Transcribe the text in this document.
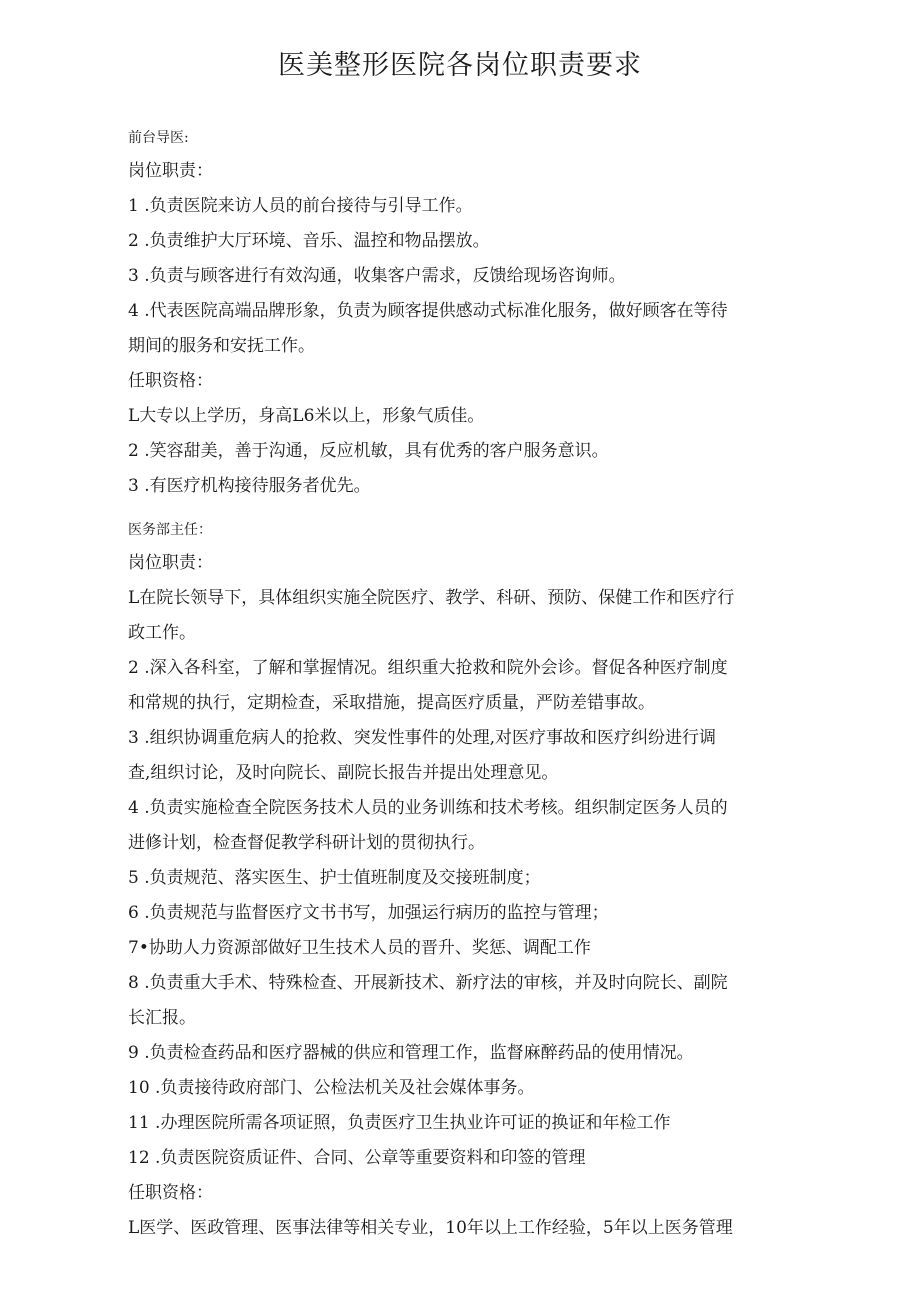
医美整形医院各岗位职责要求

前台导医:

岗位职责：

1 .负责医院来访人员的前台接待与引导工作。

2 .负责维护大厅环境、音乐、温控和物品摆放。

3 .负责与顾客进行有效沟通，收集客户需求，反馈给现场咨询师。

4 .代表医院高端品牌形象，负责为顾客提供感动式标准化服务，做好顾客在等待

期间的服务和安抚工作。

任职资格：

L大专以上学历，身高L6米以上，形象气质佳。

2 .笑容甜美，善于沟通，反应机敏，具有优秀的客户服务意识。

3 .有医疗机构接待服务者优先。

医务部主任：

岗位职责：

L在院长领导下，具体组织实施全院医疗、教学、科研、预防、保健工作和医疗行

政工作。

2 .深入各科室，了解和掌握情况。组织重大抢救和院外会诊。督促各种医疗制度

和常规的执行，定期检查，采取措施，提高医疗质量，严防差错事故。

3 .组织协调重危病人的抢救、突发性事件的处理,对医疗事故和医疗纠纷进行调

查,组织讨论，及时向院长、副院长报告并提出处理意见。

4 .负责实施检查全院医务技术人员的业务训练和技术考核。组织制定医务人员的

进修计划，检查督促教学科研计划的贯彻执行。

5 .负责规范、落实医生、护士值班制度及交接班制度；

6 .负责规范与监督医疗文书书写，加强运行病历的监控与管理；

7•协助人力资源部做好卫生技术人员的晋升、奖惩、调配工作

8 .负责重大手术、特殊检查、开展新技术、新疗法的审核，并及时向院长、副院

长汇报。

9 .负责检查药品和医疗器械的供应和管理工作，监督麻醉药品的使用情况。

10 .负责接待政府部门、公检法机关及社会媒体事务。

11 .办理医院所需各项证照，负责医疗卫生执业许可证的换证和年检工作

12 .负责医院资质证件、合同、公章等重要资料和印签的管理

任职资格：

L医学、医政管理、医事法律等相关专业，10年以上工作经验，5年以上医务管理
